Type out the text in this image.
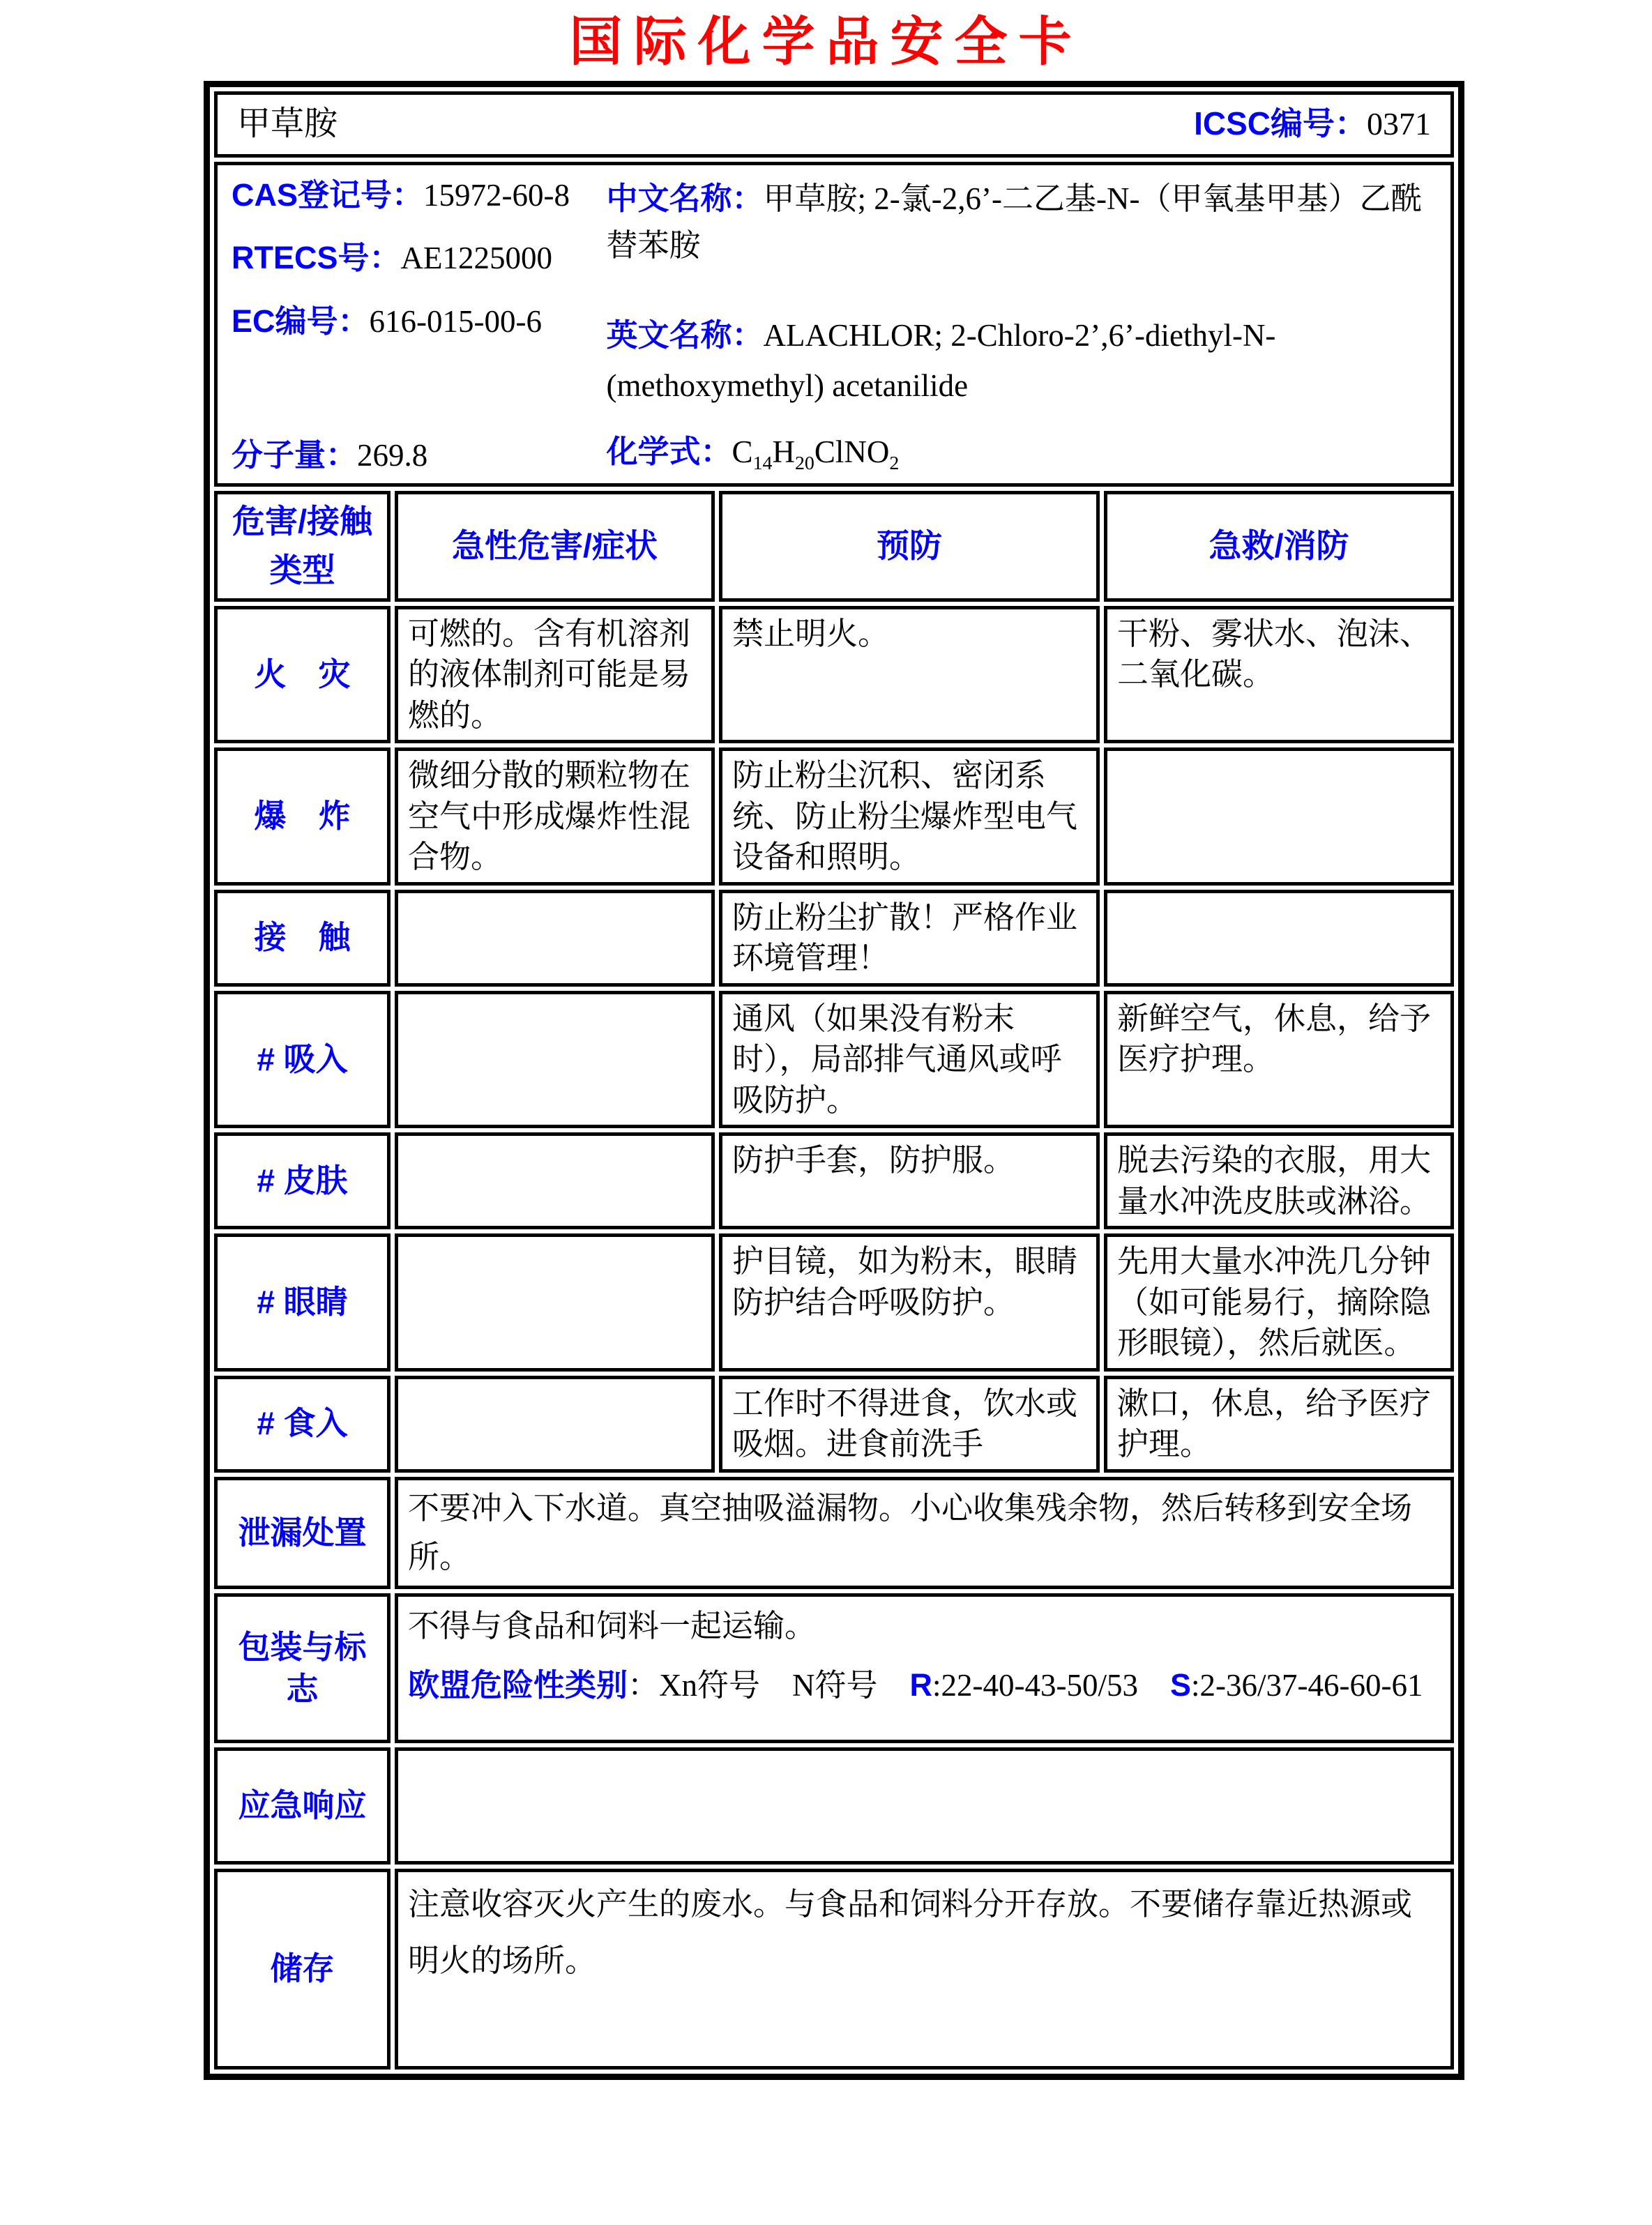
国际化学品安全卡
甲草胺 ICSC编号：0371			

CAS登记号：15972-60-8

RTECS号：AE1225000

EC编号：616-015-00-6

分子量：269.8

中文名称：甲草胺; 2-氯-2,6’-二乙基-N-（甲氧基甲基）乙酰替苯胺

英文名称：ALACHLOR; 2-Chloro-2’,6’-diethyl-N-(methoxymethyl) acetanilide

化学式：$C_{14}H_{20}ClNO_2$

危害/接触类型	急性危害/症状	预防	急救/消防
火　灾	可燃的。含有机溶剂的液体制剂可能是易燃的。	禁止明火。	干粉、雾状水、泡沫、二氧化碳。
爆　炸	微细分散的颗粒物在空气中形成爆炸性混合物。	防止粉尘沉积、密闭系统、防止粉尘爆炸型电气设备和照明。	
接　触		防止粉尘扩散！严格作业环境管理！	
# 吸入		通风（如果没有粉末时），局部排气通风或呼吸防护。	新鲜空气，休息，给予医疗护理。
# 皮肤		防护手套，防护服。	脱去污染的衣服，用大量水冲洗皮肤或淋浴。
# 眼睛		护目镜，如为粉末，眼睛防护结合呼吸防护。	先用大量水冲洗几分钟（如可能易行，摘除隐形眼镜），然后就医。
# 食入		工作时不得进食，饮水或吸烟。进食前洗手	漱口，休息，给予医疗护理。
泄漏处置	不要冲入下水道。真空抽吸溢漏物。小心收集残余物，然后转移到安全场所。		
包装与标志	不得与食品和饲料一起运输。

欧盟危险性类别：Xn符号 N符号 R:22-40-43-50/53 S:2-36/37-46-60-61		

应急响应			
储存	注意收容灭火产生的废水。与食品和饲料分开存放。不要储存靠近热源或明火的场所。		
